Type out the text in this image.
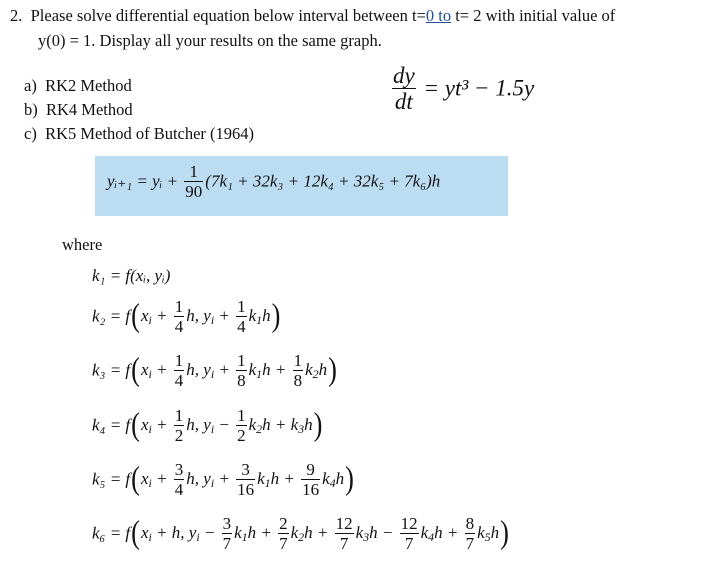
2. Please solve differential equation below interval between t=0 to t= 2 with initial value of
y(0) = 1. Display all your results on the same graph.
a) RK2 Method
b) RK4 Method
c) RK5 Method of Butcher (1964)
$\frac{dy}{dt} = yt^3 - 1.5y$
yᵢ₊₁ = yᵢ + $\frac{1}{90} (7k_1 + 32k_3 + 12k_4 + 32k_5 + 7k_6)h$
where
k₁ = f(xᵢ, yᵢ)
$k_2 = f(x_i + \frac{1}{4} h$, $y_i + \frac{1}{4} k_1h$)
$k_3 = f(x_i + \frac{1}{4} h$, $y_i + \frac{1}{8} k_1h + \frac{1}{8} k_2h$)
$k_4 = f(x_i + \frac{1}{2} h$, $y_i - \frac{1}{2} k_2h + k_3h$)
$k_5 = f(x_i + \frac{3}{4} h$, $y_i + \frac{3}{16} k_1h + \frac{9}{16} k_4h$)
$k_6 = f(x_i + h$, $y_i - \frac{3}{7} k_1h + \frac{2}{7} k_2h + \frac{12}{7} k_3h - \frac{12}{7} k_4h + \frac{8}{7} k_5h$)
